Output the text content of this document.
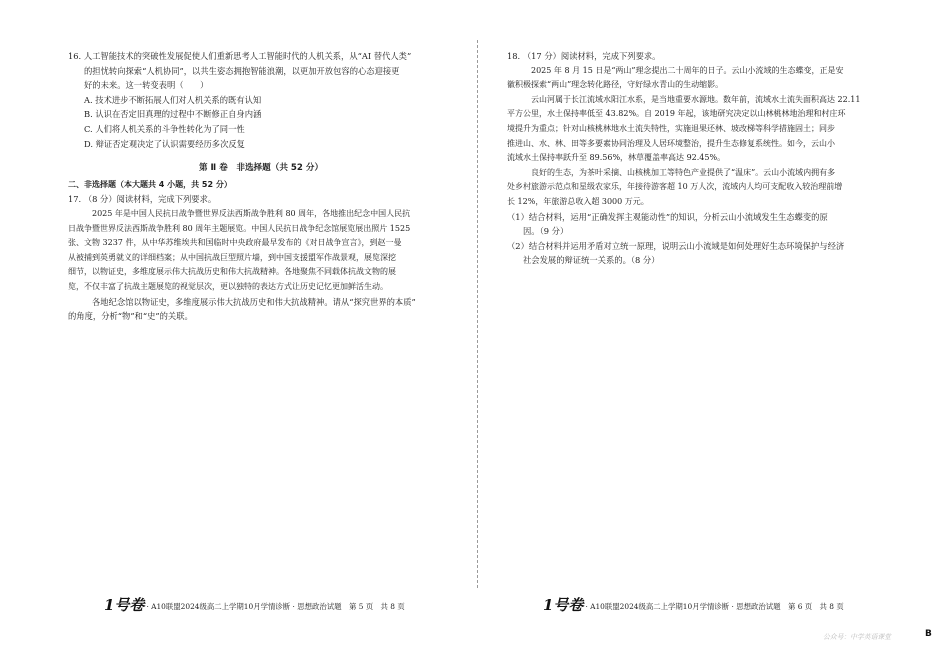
16. 人工智能技术的突破性发展促使人们重新思考人工智能时代的人机关系，从“AI 替代人类”
的担忧转向探索“人机协同”，以共生姿态拥抱智能浪潮，以更加开放包容的心态迎接更
好的未来。这一转变表明（　　）
A. 技术进步不断拓展人们对人机关系的既有认知
B. 认识在否定旧真理的过程中不断修正自身内涵
C. 人们将人机关系的斗争性转化为了同一性
D. 辩证否定观决定了认识需要经历多次反复
第 Ⅱ 卷　非选择题（共 52 分）
二、非选择题（本大题共 4 小题，共 52 分）
17. （8 分）阅读材料，完成下列要求。
2025 年是中国人民抗日战争暨世界反法西斯战争胜利 80 周年，各地推出纪念中国人民抗
日战争暨世界反法西斯战争胜利 80 周年主题展览。中国人民抗日战争纪念馆展览展出照片 1525
张、文物 3237 件，从中华苏维埃共和国临时中央政府最早发布的《对日战争宣言》，到赵一曼
从被捕到英勇就义的详细档案；从中国抗战巨型照片墙，到中国支援盟军作战景观，展览深挖
细节，以物证史，多维度展示伟大抗战历史和伟大抗战精神。各地聚焦不同载体抗战文物的展
览，不仅丰富了抗战主题展览的视觉层次，更以独特的表达方式让历史记忆更加鲜活生动。
各地纪念馆以物证史，多维度展示伟大抗战历史和伟大抗战精神。请从“探究世界的本质”
的角度，分析“物”和“史”的关联。
1号卷 · A10联盟2024级高二上学期10月学情诊断 · 思想政治试题　第 5 页　共 8 页
18. （17 分）阅读材料，完成下列要求。
2025 年 8 月 15 日是“两山”理念提出二十周年的日子。云山小流域的生态蝶变，正是安
徽积极探索“两山”理念转化路径，守好绿水青山的生动缩影。
云山河属于长江流域水阳江水系，是当地重要水源地。数年前，流域水土流失面积高达 22.11
平方公里，水土保持率低至 43.82%。自 2019 年起，该地研究决定以山林桃林地治理和村庄环
境提升为重点；针对山核桃林地水土流失特性，实施退果还林、坡改梯等科学措施固土；同步
推进山、水、林、田等多要素协同治理及人居环境整治，提升生态修复系统性。如今，云山小
流域水土保持率跃升至 89.56%，林草覆盖率高达 92.45%。
良好的生态，为茶叶采摘、山核桃加工等特色产业提供了“温床”。云山小流域内拥有多
处乡村旅游示范点和星级农家乐，年接待游客超 10 万人次，流域内人均可支配收入较治理前增
长 12%，年旅游总收入超 3000 万元。
（1）结合材料，运用“正确发挥主观能动性”的知识，分析云山小流域发生生态蝶变的原
因。（9 分）
（2）结合材料并运用矛盾对立统一原理，说明云山小流域是如何处理好生态环境保护与经济
社会发展的辩证统一关系的。（8 分）
1号卷 · A10联盟2024级高二上学期10月学情诊断 · 思想政治试题　第 6 页　共 8 页
公众号：中学英语课堂	B
